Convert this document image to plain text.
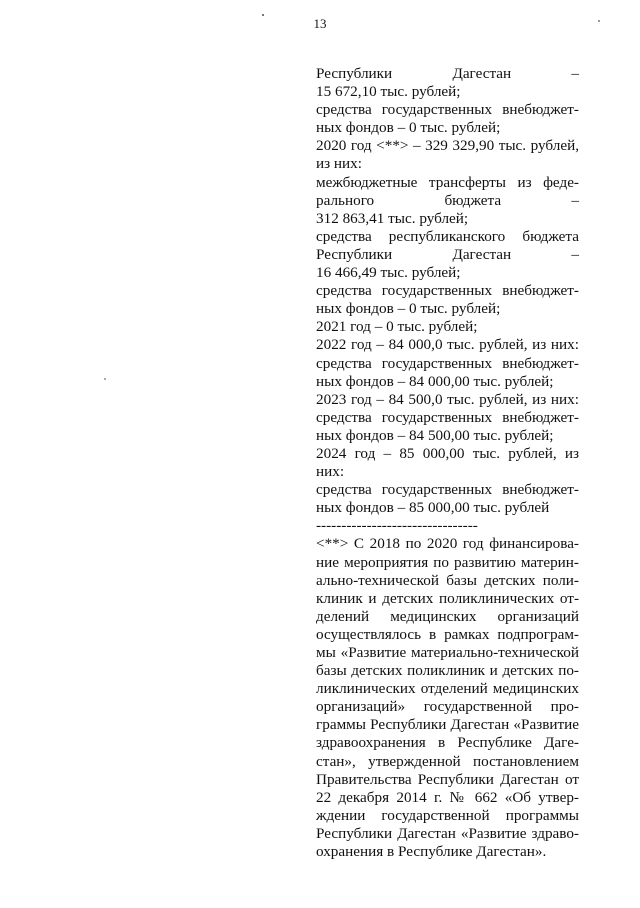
13
Республики Дагестан –
15 672,10 тыс. рублей;
средства государственных внебюджет-
ных фондов – 0 тыс. рублей;
2020 год <**> – 329 329,90 тыс. рублей,
из них:
межбюджетные трансферты из феде-
рального бюджета –
312 863,41 тыс. рублей;
средства республиканского бюджета
Республики Дагестан –
16 466,49 тыс. рублей;
средства государственных внебюджет-
ных фондов – 0 тыс. рублей;
2021 год – 0 тыс. рублей;
2022 год – 84 000,0 тыс. рублей, из них:
средства государственных внебюджет-
ных фондов – 84 000,00 тыс. рублей;
2023 год – 84 500,0 тыс. рублей, из них:
средства государственных внебюджет-
ных фондов – 84 500,00 тыс. рублей;
2024 год – 85 000,00 тыс. рублей, из
них:
средства государственных внебюджет-
ных фондов – 85 000,00 тыс. рублей
--------------------------------
<**> С 2018 по 2020 год финансирова-
ние мероприятия по развитию материн-
ально-технической базы детских поли-
клиник и детских поликлинических от-
делений медицинских организаций
осуществлялось в рамках подпрограм-
мы «Развитие материально-технической
базы детских поликлиник и детских по-
ликлинических отделений медицинских
организаций» государственной про-
граммы Республики Дагестан «Развитие
здравоохранения в Республике Даге-
стан», утвержденной постановлением
Правительства Республики Дагестан от
22 декабря 2014 г. № 662 «Об утвер-
ждении государственной программы
Республики Дагестан «Развитие здраво-
охранения в Республике Дагестан».
